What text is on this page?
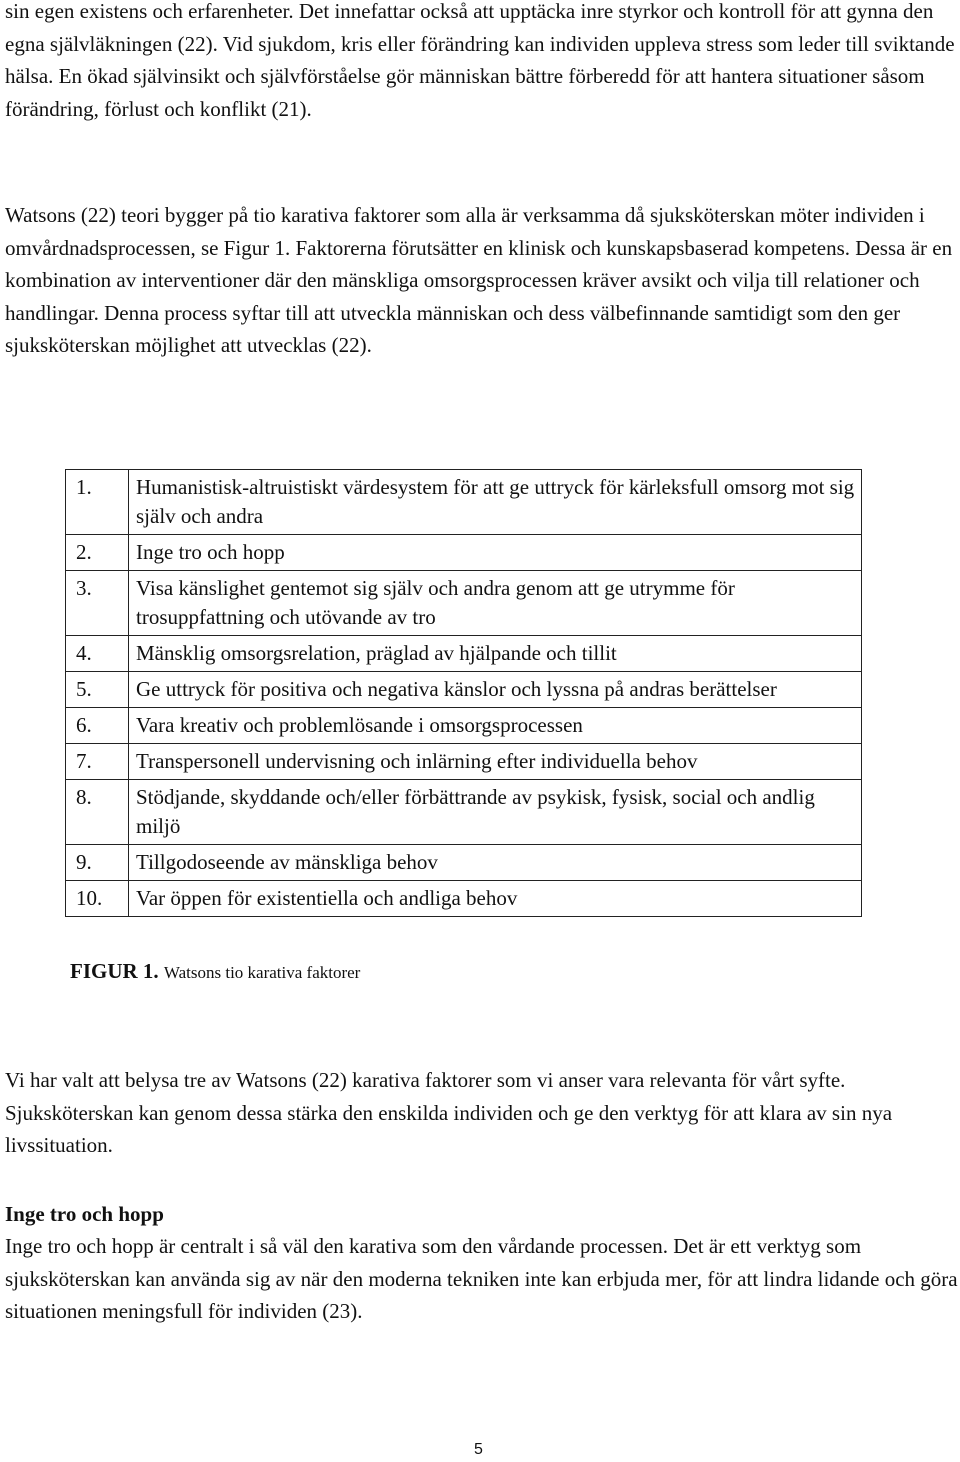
sin egen existens och erfarenheter. Det innefattar också att upptäcka inre styrkor och kontroll för att gynna den egna självläkningen (22). Vid sjukdom, kris eller förändring kan individen uppleva stress som leder till sviktande hälsa. En ökad självinsikt och självförståelse gör människan bättre förberedd för att hantera situationer såsom förändring, förlust och konflikt (21).

Watsons (22) teori bygger på tio karativa faktorer som alla är verksamma då sjuksköterskan möter individen i omvårdnadsprocessen, se Figur 1. Faktorerna förutsätter en klinisk och kunskapsbaserad kompetens. Dessa är en kombination av interventioner där den mänskliga omsorgsprocessen kräver avsikt och vilja till relationer och handlingar. Denna process syftar till att utveckla människan och dess välbefinnande samtidigt som den ger sjuksköterskan möjlighet att utvecklas (22).

1.	Humanistisk-altruistiskt värdesystem för att ge uttryck för kärleksfull omsorg mot sig själv och andra
2.	Inge tro och hopp
3.	Visa känslighet gentemot sig själv och andra genom att ge utrymme för trosuppfattning och utövande av tro
4.	Mänsklig omsorgsrelation, präglad av hjälpande och tillit
5.	Ge uttryck för positiva och negativa känslor och lyssna på andras berättelser
6.	Vara kreativ och problemlösande i omsorgsprocessen
7.	Transpersonell undervisning och inlärning efter individuella behov
8.	Stödjande, skyddande och/eller förbättrande av psykisk, fysisk, social och andlig miljö
9.	Tillgodoseende av mänskliga behov
10.	Var öppen för existentiella och andliga behov

FIGUR 1. Watsons tio karativa faktorer

Vi har valt att belysa tre av Watsons (22) karativa faktorer som vi anser vara relevanta för vårt syfte. Sjuksköterskan kan genom dessa stärka den enskilda individen och ge den verktyg för att klara av sin nya livssituation.

Inge tro och hopp

Inge tro och hopp är centralt i så väl den karativa som den vårdande processen. Det är ett verktyg som sjuksköterskan kan använda sig av när den moderna tekniken inte kan erbjuda mer, för att lindra lidande och göra situationen meningsfull för individen (23).

5
